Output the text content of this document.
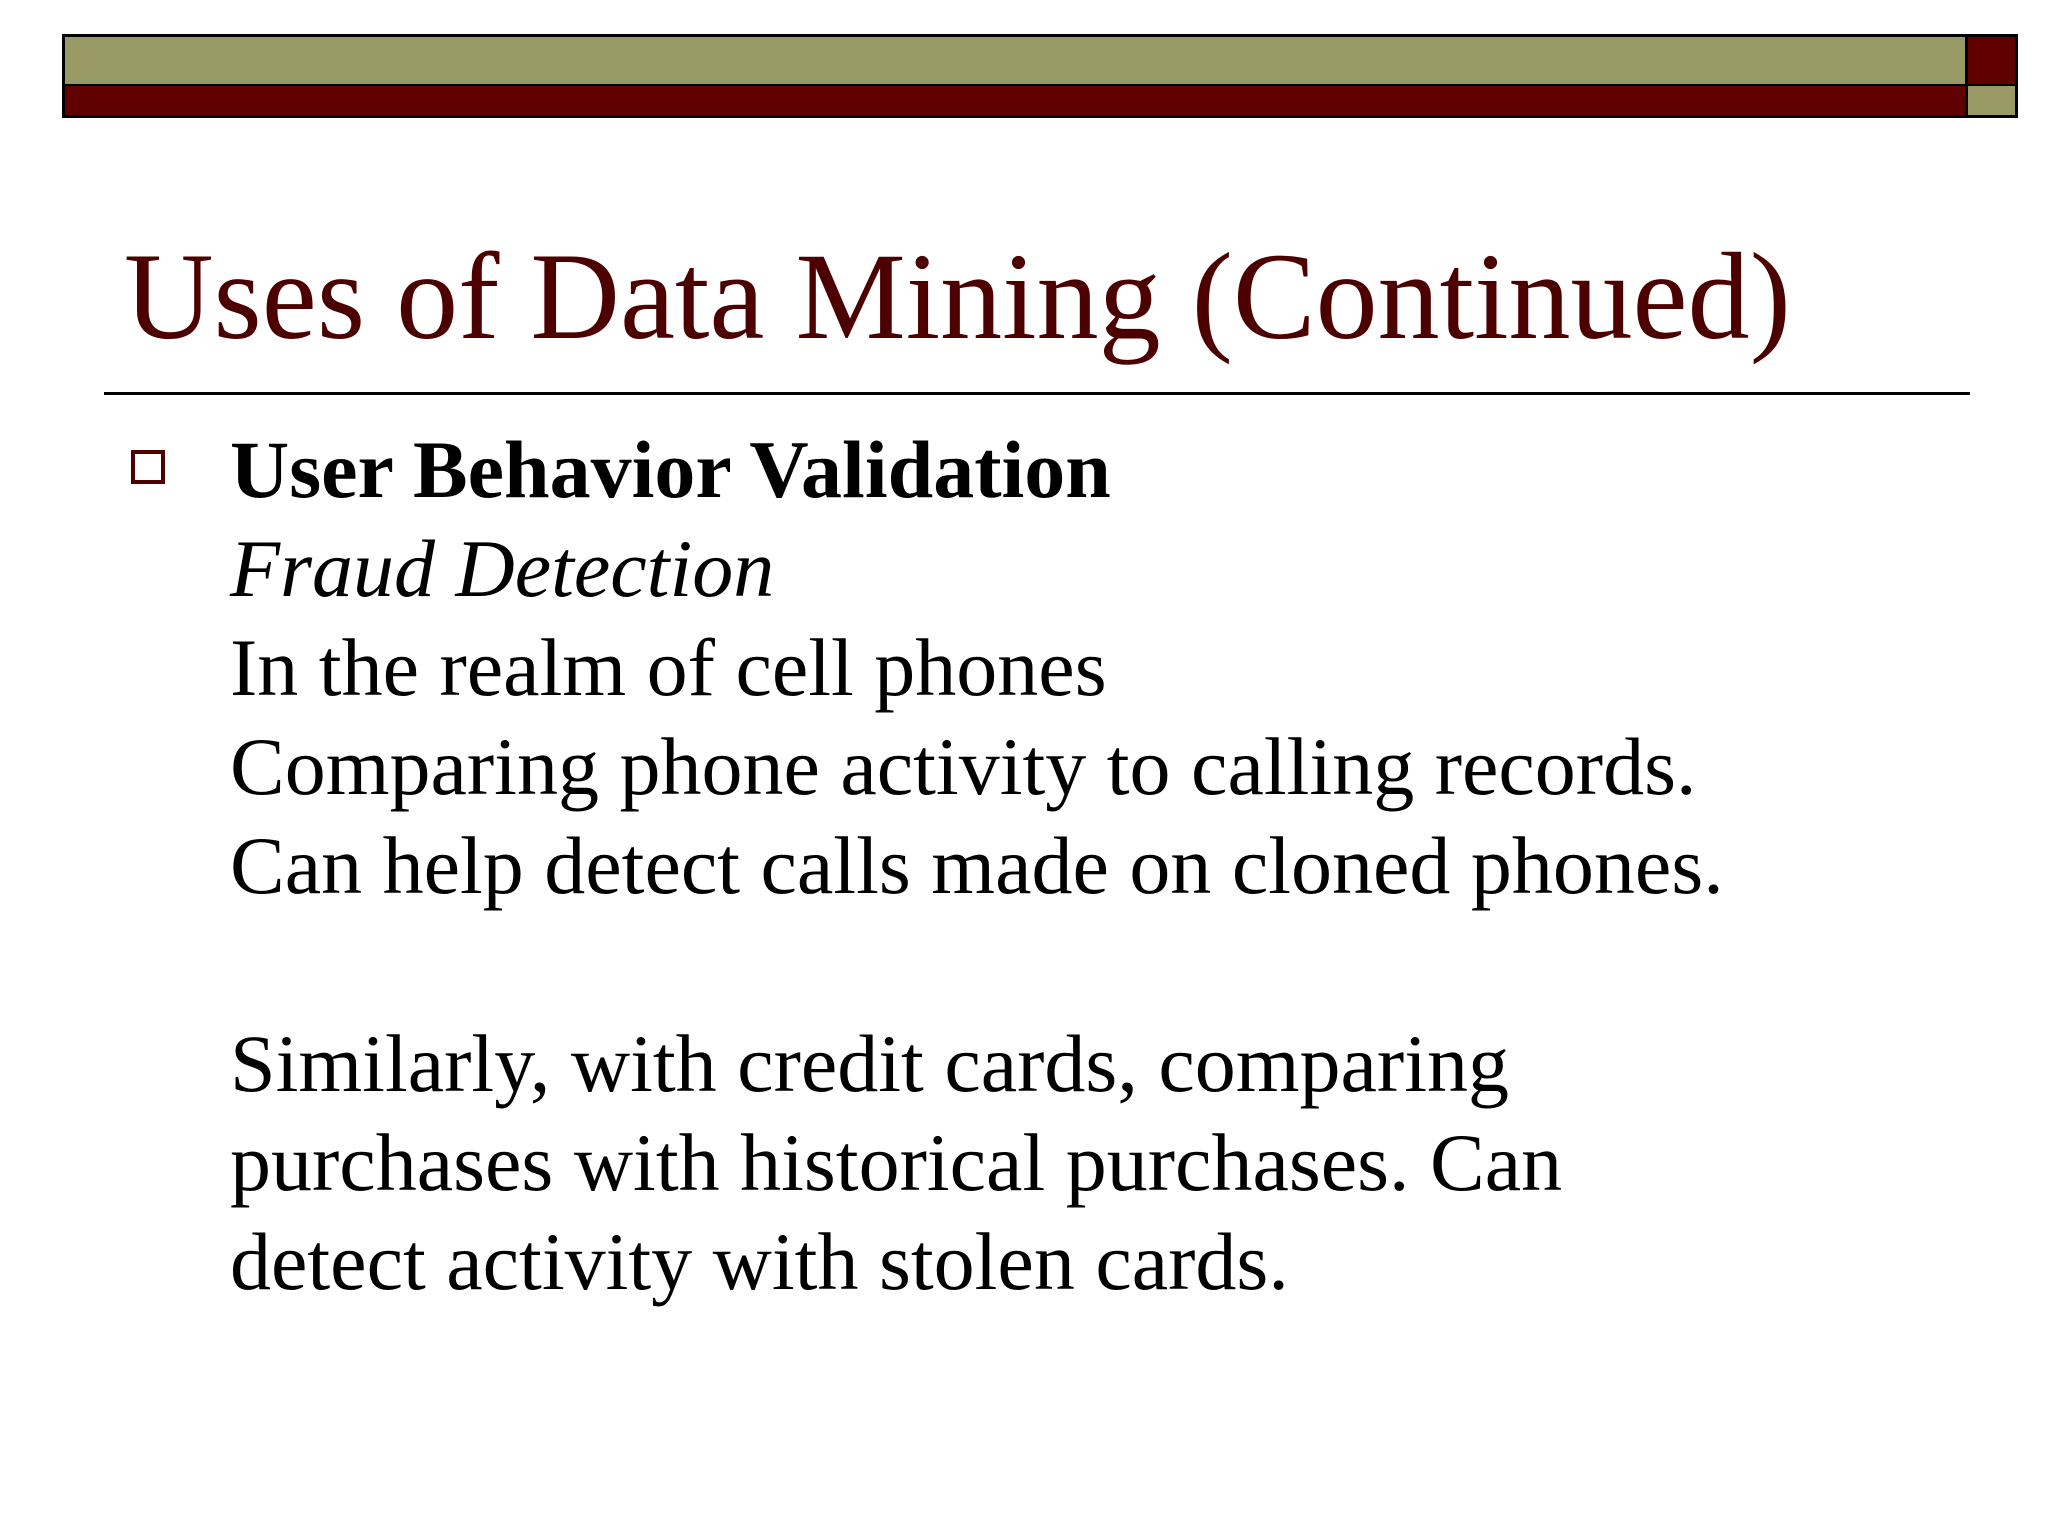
Uses of Data Mining (Continued)
User Behavior Validation
Fraud Detection
In the realm of cell phones
Comparing phone activity to calling records.
Can help detect calls made on cloned phones.
Similarly, with credit cards, comparing
purchases with historical purchases. Can
detect activity with stolen cards.
